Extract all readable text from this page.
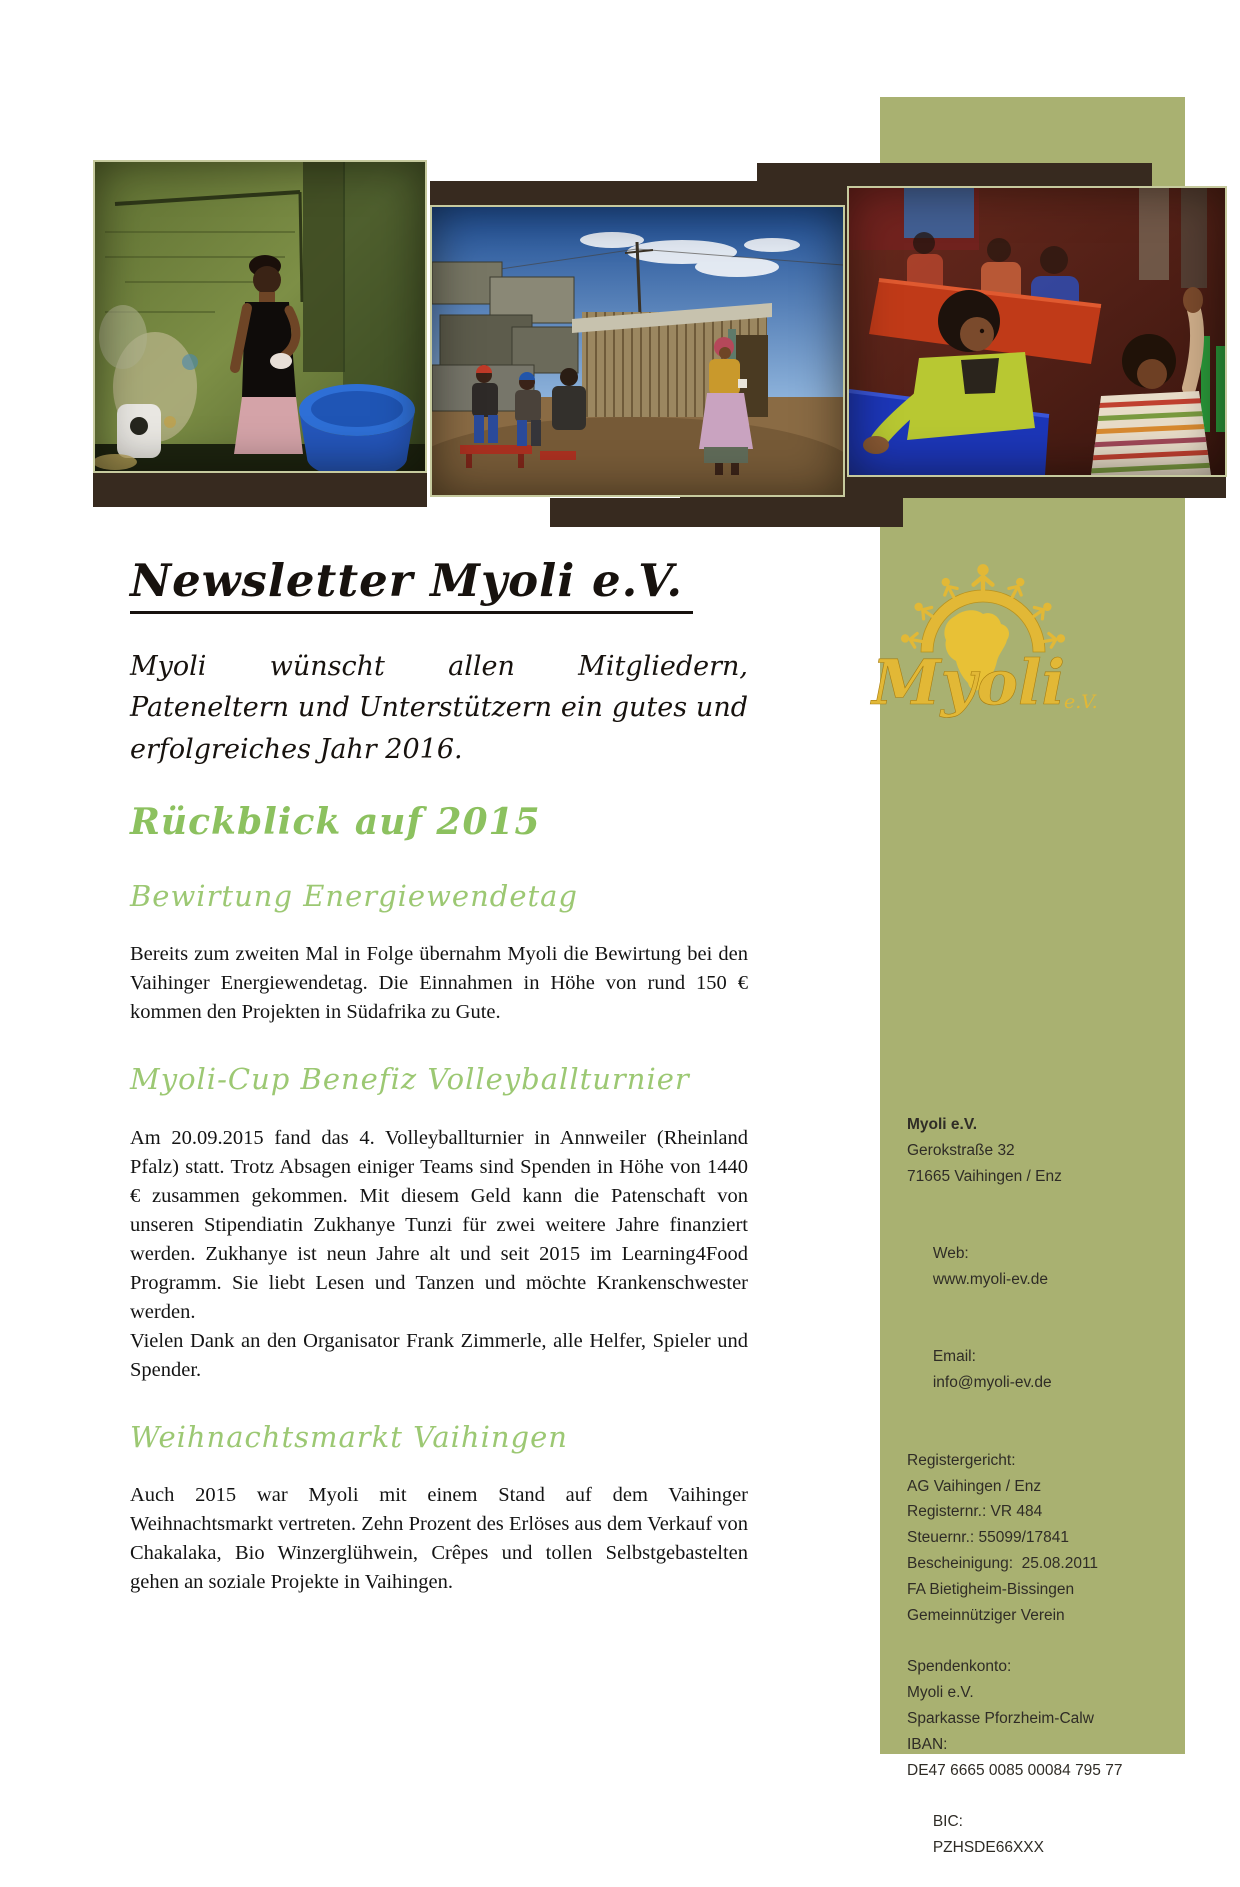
Myoli
e.V.
Newsletter Myoli e.V.

Myoli wünscht allen Mitgliedern, Pateneltern und Unterstützern ein gutes und erfolgreiches Jahr 2016.

Rückblick auf 2015
Bewirtung Energiewendetag

Bereits zum zweiten Mal in Folge übernahm Myoli die Bewirtung bei den Vaihinger Energiewendetag. Die Einnahmen in Höhe von rund 150 € kommen den Projekten in Südafrika zu Gute.

Myoli-Cup Benefiz Volleyballturnier

Am 20.09.2015 fand das 4. Volleyballturnier in Annweiler (Rheinland Pfalz) statt. Trotz Absagen einiger Teams sind Spenden in Höhe von 1440 € zusammen gekommen. Mit diesem Geld kann die Patenschaft von unseren Stipendiatin Zukhanye Tunzi für zwei weitere Jahre finanziert werden. Zukhanye ist neun Jahre alt und seit 2015 im Learning4Food Programm. Sie liebt Lesen und Tanzen und möchte Krankenschwester werden.

Vielen Dank an den Organisator Frank Zimmerle, alle Helfer, Spieler und Spender.

Weihnachtsmarkt Vaihingen

Auch 2015 war Myoli mit einem Stand auf dem Vaihinger Weihnachtsmarkt vertreten. Zehn Prozent des Erlöses aus dem Verkauf von Chakalaka, Bio Winzerglühwein, Crêpes und tollen Selbstgebastelten gehen an soziale Projekte in Vaihingen.

Myoli e.V.
Gerokstraße 32
71665 Vaihingen / Enz

Web:
www.myoli-ev.de

Email:
info@myoli-ev.de

Registergericht:
AG Vaihingen / Enz
Registernr.: VR 484
Steuernr.: 55099/17841
Bescheinigung:  25.08.2011
FA Bietigheim-Bissingen
Gemeinnütziger Verein
Spendenkonto:
Myoli e.V.
Sparkasse Pforzheim-Calw
IBAN:
DE47 6665 0085 00084 795 77

BIC:
PZHSDE66XXX
